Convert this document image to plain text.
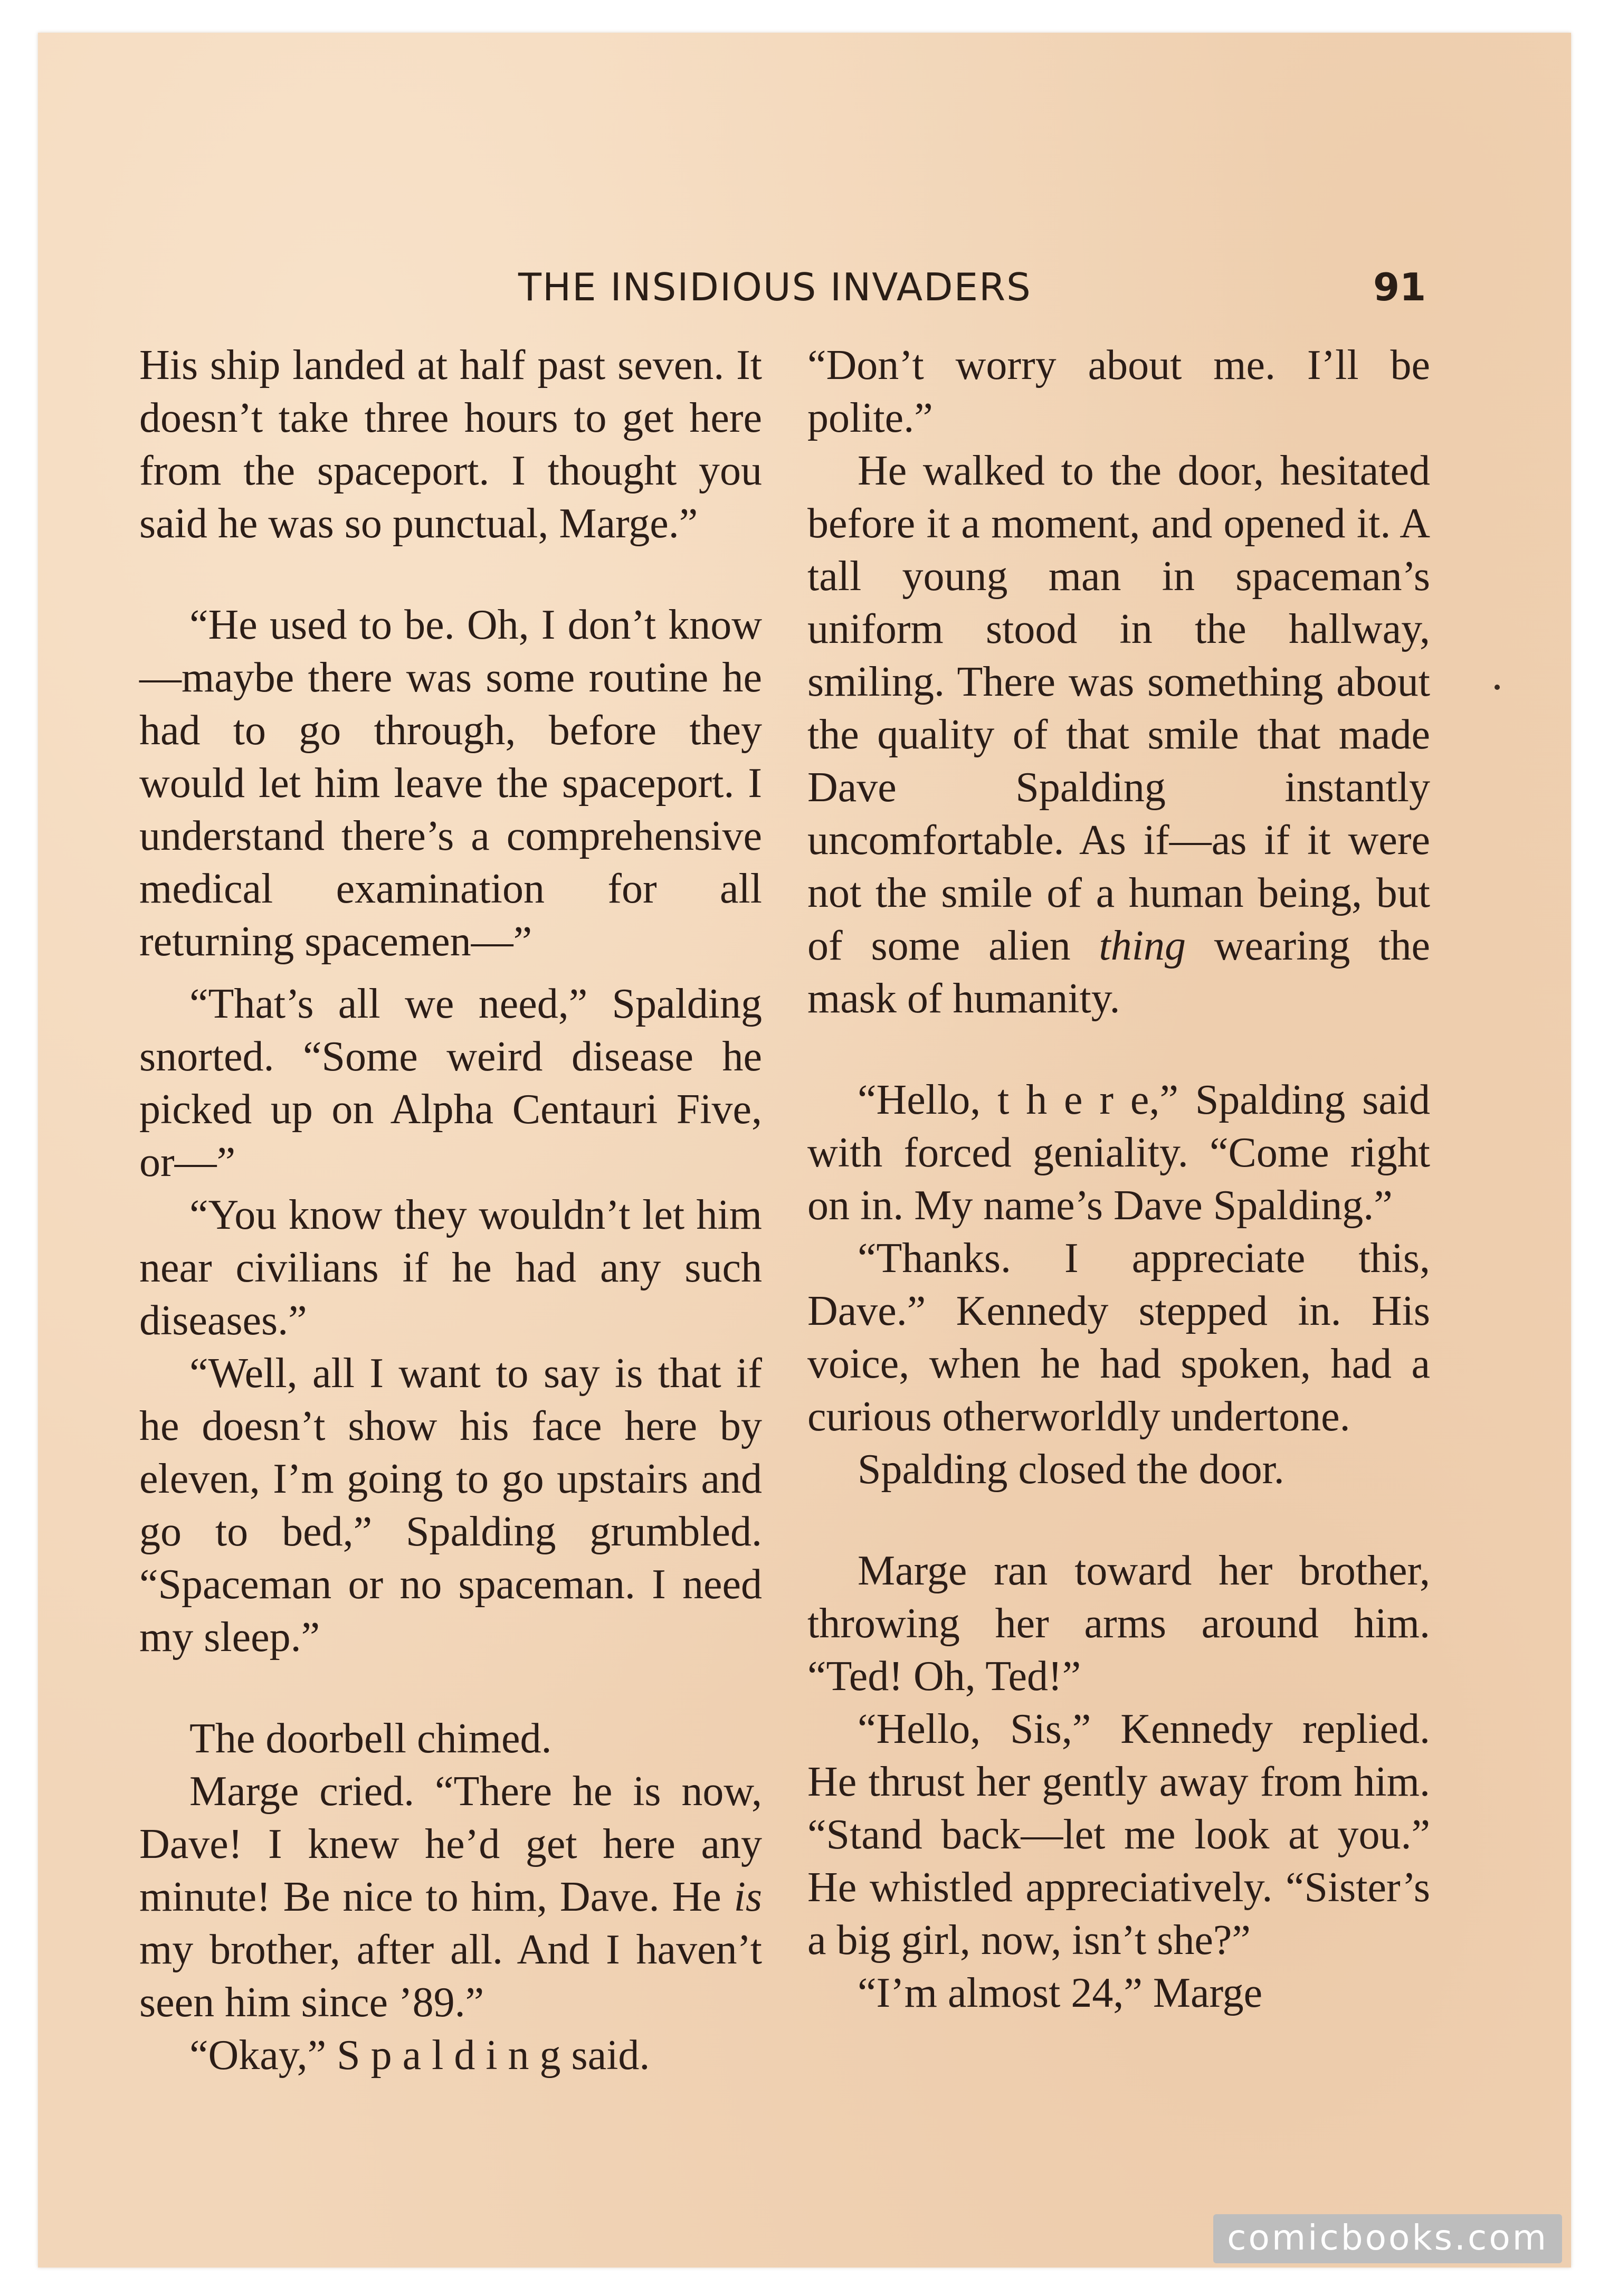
THE INSIDIOUS INVADERS	91

His ship landed at half past seven. It doesn’t take three hours to get here from the spaceport. I thought you said he was so punctual, Marge.”

“He used to be. Oh, I don’t know—maybe there was some routine he had to go through, before they would let him leave the spaceport. I understand there’s a comprehensive medical examination for all returning spacemen—”

“That’s all we need,” Spalding snorted. “Some weird disease he picked up on Alpha Centauri Five, or—”

“You know they wouldn’t let him near civilians if he had any such diseases.”

“Well, all I want to say is that if he doesn’t show his face here by eleven, I’m going to go upstairs and go to bed,” Spalding grumbled. “Spaceman or no spaceman. I need my sleep.”

The doorbell chimed.

Marge cried. “There he is now, Dave! I knew he’d get here any minute! Be nice to him, Dave. He is my brother, after all. And I haven’t seen him since ’89.”

“Okay,” S p a l d i n g said.

“Don’t worry about me. I’ll be polite.”

He walked to the door, hesitated before it a moment, and opened it. A tall young man in spaceman’s uniform stood in the hallway, smiling. There was something about the quality of that smile that made Dave Spalding instantly uncomfortable. As if—as if it were not the smile of a human being, but of some alien thing wearing the mask of humanity.

“Hello, t h e r e,” Spalding said with forced geniality. “Come right on in. My name’s Dave Spalding.”

“Thanks. I appreciate this, Dave.” Kennedy stepped in. His voice, when he had spoken, had a curious otherworldly undertone.

Spalding closed the door.

Marge ran toward her brother, throwing her arms around him. “Ted! Oh, Ted!”

“Hello, Sis,” Kennedy replied. He thrust her gently away from him. “Stand back—let me look at you.” He whistled appreciatively. “Sister’s a big girl, now, isn’t she?”

“I’m almost 24,” Marge

comicbooks.com
